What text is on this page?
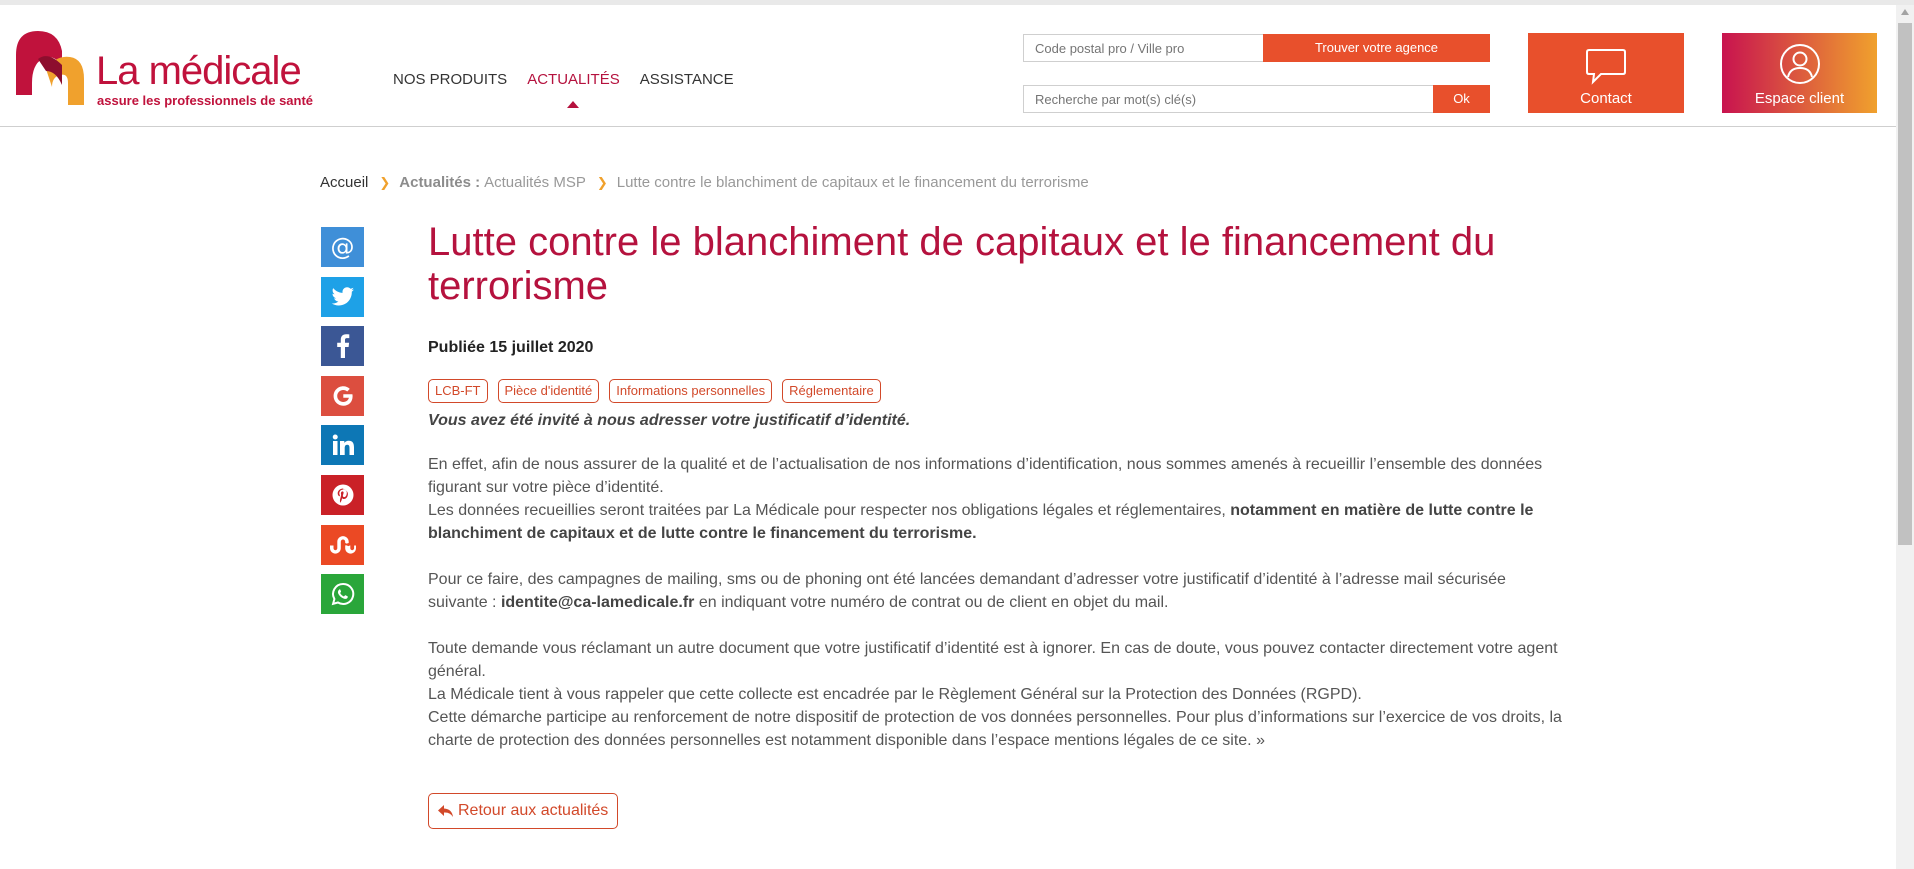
La médicale
assure les professionnels de santé
NOS PRODUITS ACTUALITÉS ASSISTANCE
Code postal pro / Ville pro
Trouver votre agence
Recherche par mot(s) clé(s)
Ok	Contact	Espace client
Accueil ❯ Actualités : Actualités MSP ❯ Lutte contre le blanchiment de capitaux et le financement du terrorisme
@ Lutte contre le blanchiment de capitaux et le financement du terrorisme
Publiée 15 juillet 2020
LCB-FT	Pièce d'identité	Informations personnelles	Réglementaire

Vous avez été invité à nous adresser votre justificatif d’identité.

En effet, afin de nous assurer de la qualité et de l’actualisation de nos informations d’identification, nous sommes amenés à recueillir l’ensemble des données figurant sur votre pièce d’identité.
Les données recueillies seront traitées par La Médicale pour respecter nos obligations légales et réglementaires, notamment en matière de lutte contre le blanchiment de capitaux et de lutte contre le financement du terrorisme.

Pour ce faire, des campagnes de mailing, sms ou de phoning ont été lancées demandant d’adresser votre justificatif d’identité à l’adresse mail sécurisée suivante : identite@ca-lamedicale.fr en indiquant votre numéro de contrat ou de client en objet du mail.

Toute demande vous réclamant un autre document que votre justificatif d’identité est à ignorer. En cas de doute, vous pouvez contacter directement votre agent général.
La Médicale tient à vous rappeler que cette collecte est encadrée par le Règlement Général sur la Protection des Données (RGPD).
Cette démarche participe au renforcement de notre dispositif de protection de vos données personnelles. Pour plus d’informations sur l’exercice de vos droits, la charte de protection des données personnelles est notamment disponible dans l’espace mentions légales de ce site. »

Retour aux actualités
